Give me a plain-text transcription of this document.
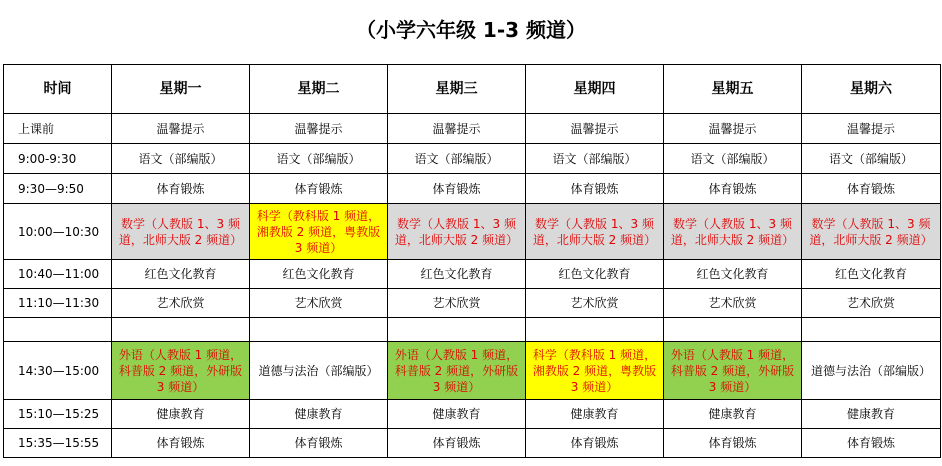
（小学六年级 1-3 频道）
时间	星期一	星期二	星期三	星期四	星期五	星期六
上课前	温馨提示	温馨提示	温馨提示	温馨提示	温馨提示	温馨提示
9:00-9:30	语文（部编版）	语文（部编版）	语文（部编版）	语文（部编版）	语文（部编版）	语文（部编版）
9:30—9:50	体育锻炼	体育锻炼	体育锻炼	体育锻炼	体育锻炼	体育锻炼
10:00—10:30	数学（人教版 1、3 频道，北师大版 2 频道）	科学（教科版 1 频道，湘教版 2 频道，粤教版 3 频道）	数学（人教版 1、3 频道，北师大版 2 频道）	数学（人教版 1、3 频道，北师大版 2 频道）	数学（人教版 1、3 频道，北师大版 2 频道）	数学（人教版 1、3 频道，北师大版 2 频道）
10:40—11:00	红色文化教育	红色文化教育	红色文化教育	红色文化教育	红色文化教育	红色文化教育
11:10—11:30	艺术欣赏	艺术欣赏	艺术欣赏	艺术欣赏	艺术欣赏	艺术欣赏

14:30—15:00	外语（人教版 1 频道，科普版 2 频道，外研版 3 频道）	道德与法治（部编版）	外语（人教版 1 频道，科普版 2 频道，外研版 3 频道）	科学（教科版 1 频道，湘教版 2 频道，粤教版 3 频道）	外语（人教版 1 频道，科普版 2 频道，外研版 3 频道）	道德与法治（部编版）
15:10—15:25	健康教育	健康教育	健康教育	健康教育	健康教育	健康教育
15:35—15:55	体育锻炼	体育锻炼	体育锻炼	体育锻炼	体育锻炼	体育锻炼
